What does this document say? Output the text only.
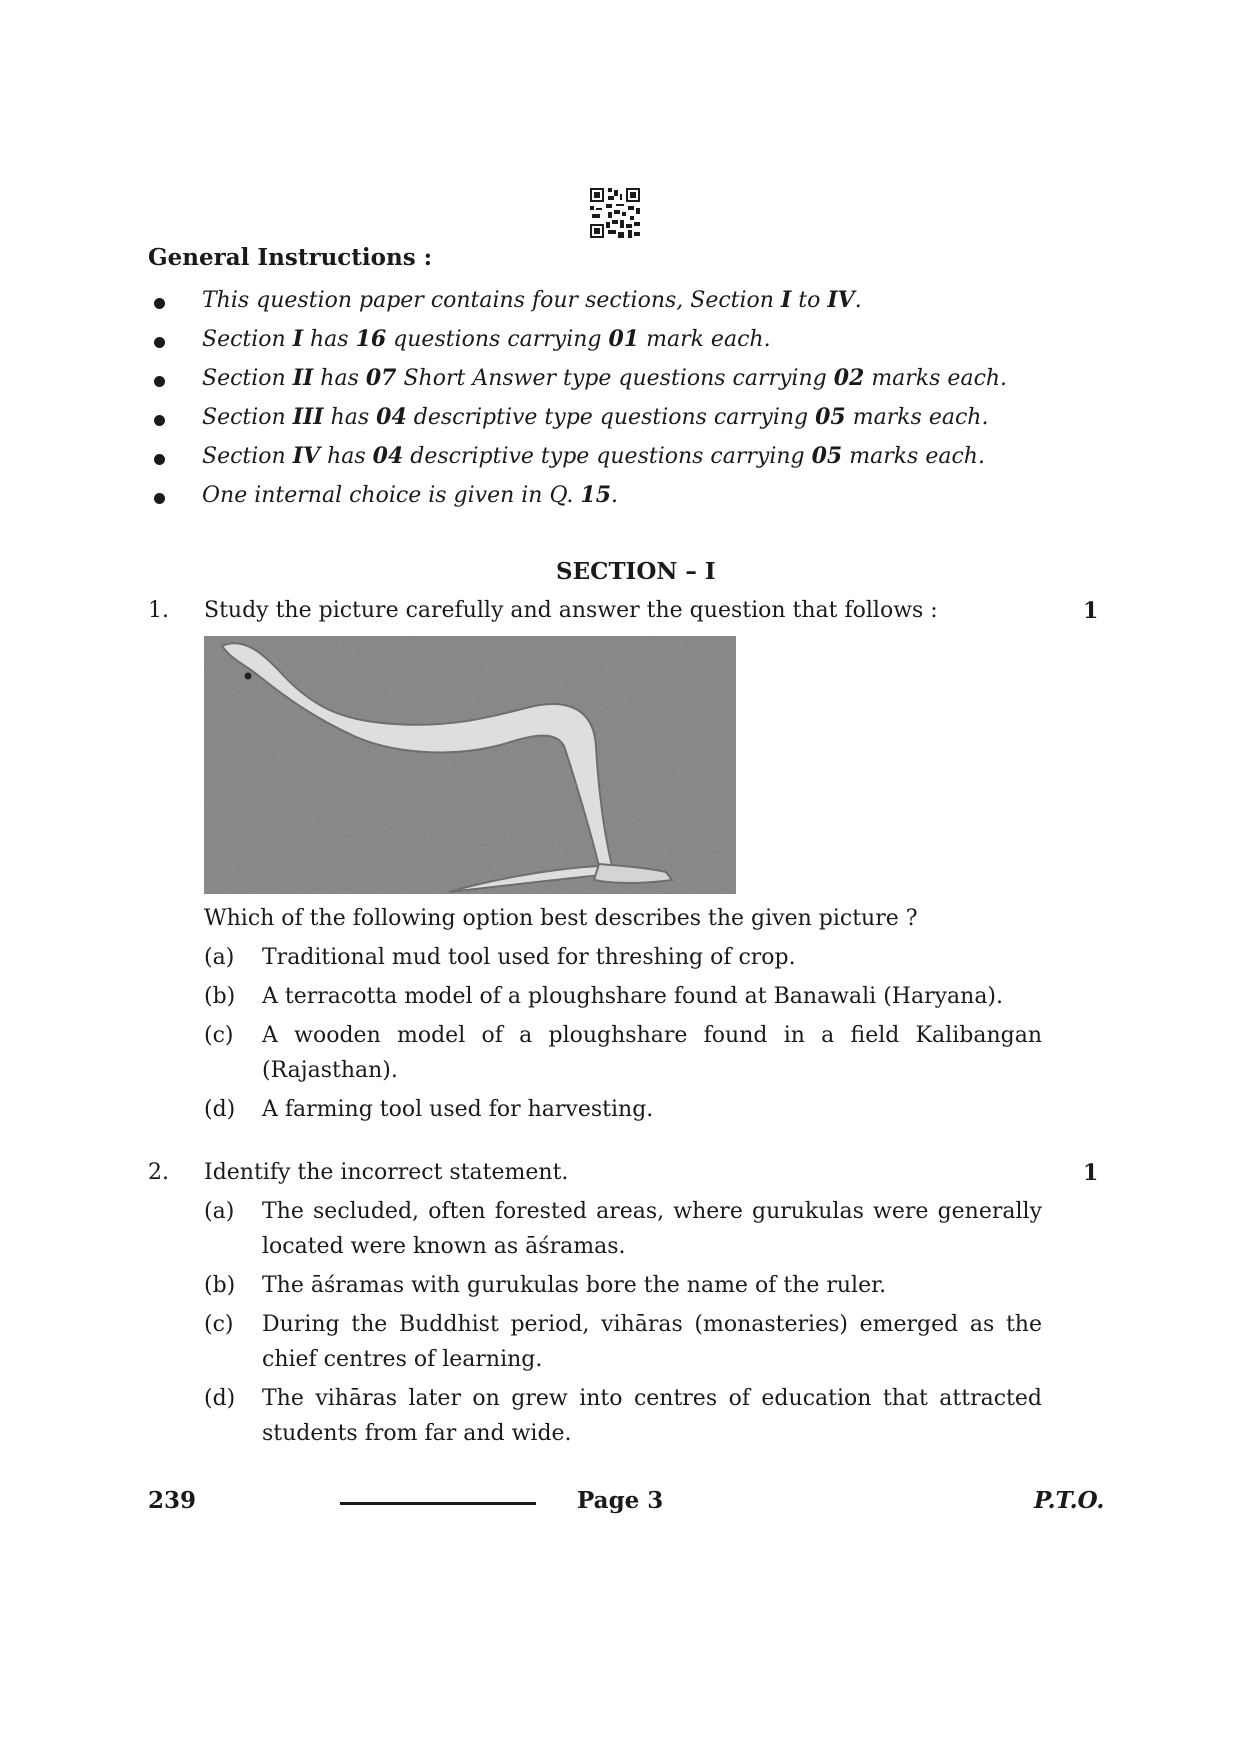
General Instructions :
This question paper contains four sections, Section I to IV.
Section I has 16 questions carrying 01 mark each.
Section II has 07 Short Answer type questions carrying 02 marks each.
Section III has 04 descriptive type questions carrying 05 marks each.
Section IV has 04 descriptive type questions carrying 05 marks each.
One internal choice is given in Q. 15.
SECTION – I
1. Study the picture carefully and answer the question that follows :	1
Which of the following option best describes the given picture ?
(a) Traditional mud tool used for threshing of crop.
(b) A terracotta model of a ploughshare found at Banawali (Haryana).
(c) A wooden model of a ploughshare found in a field Kalibangan
(Rajasthan).
(d) A farming tool used for harvesting.
2. Identify the incorrect statement.	1
(a) The secluded, often forested areas, where gurukulas were generally
located were known as āśramas.
(b) The āśramas with gurukulas bore the name of the ruler.
(c) During the Buddhist period, vihāras (monasteries) emerged as the
chief centres of learning.
(d) The vihāras later on grew into centres of education that attracted
students from far and wide.
239	Page 3	P.T.O.
